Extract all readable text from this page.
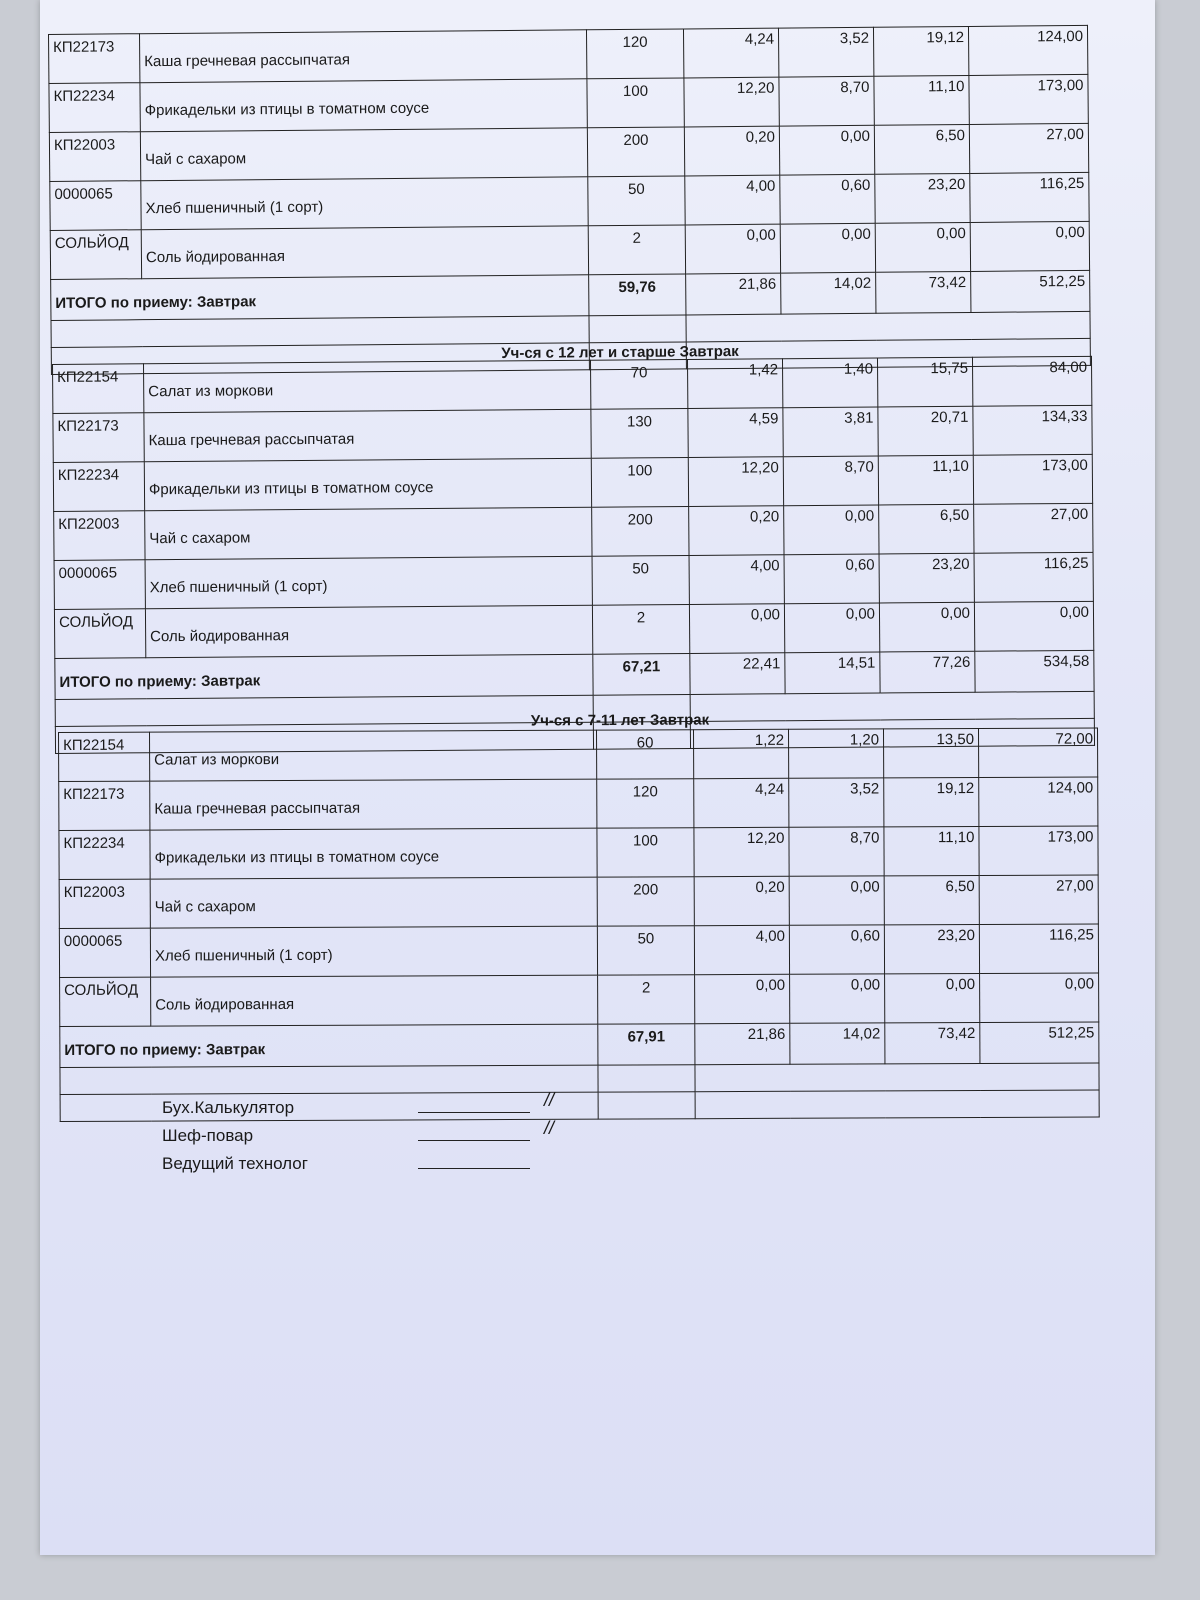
КП22173	Каша гречневая рассыпчатая	120	4,24	3,52	19,12	124,00
КП22234	Фрикадельки из птицы в томатном соусе	100	12,20	8,70	11,10	173,00
КП22003	Чай с сахаром	200	0,20	0,00	6,50	27,00
0000065	Хлеб пшеничный (1 сорт)	50	4,00	0,60	23,20	116,25
СОЛЬЙОД	Соль йодированная	2	0,00	0,00	0,00	0,00
ИТОГО по приему: Завтрак		59,76	21,86	14,02	73,42	512,25

Уч-ся с 12 лет и старше Завтрак
КП22154	Салат из моркови	70	1,42	1,40	15,75	84,00
КП22173	Каша гречневая рассыпчатая	130	4,59	3,81	20,71	134,33
КП22234	Фрикадельки из птицы в томатном соусе	100	12,20	8,70	11,10	173,00
КП22003	Чай с сахаром	200	0,20	0,00	6,50	27,00
0000065	Хлеб пшеничный (1 сорт)	50	4,00	0,60	23,20	116,25
СОЛЬЙОД	Соль йодированная	2	0,00	0,00	0,00	0,00
ИТОГО по приему: Завтрак		67,21	22,41	14,51	77,26	534,58

Уч-ся с 7-11 лет Завтрак
КП22154	Салат из моркови	60	1,22	1,20	13,50	72,00
КП22173	Каша гречневая рассыпчатая	120	4,24	3,52	19,12	124,00
КП22234	Фрикадельки из птицы в томатном соусе	100	12,20	8,70	11,10	173,00
КП22003	Чай с сахаром	200	0,20	0,00	6,50	27,00
0000065	Хлеб пшеничный (1 сорт)	50	4,00	0,60	23,20	116,25
СОЛЬЙОД	Соль йодированная	2	0,00	0,00	0,00	0,00
ИТОГО по приему: Завтрак		67,91	21,86	14,02	73,42	512,25

Бух.Калькулятор	//
Шеф-повар	//
Ведущий технолог
